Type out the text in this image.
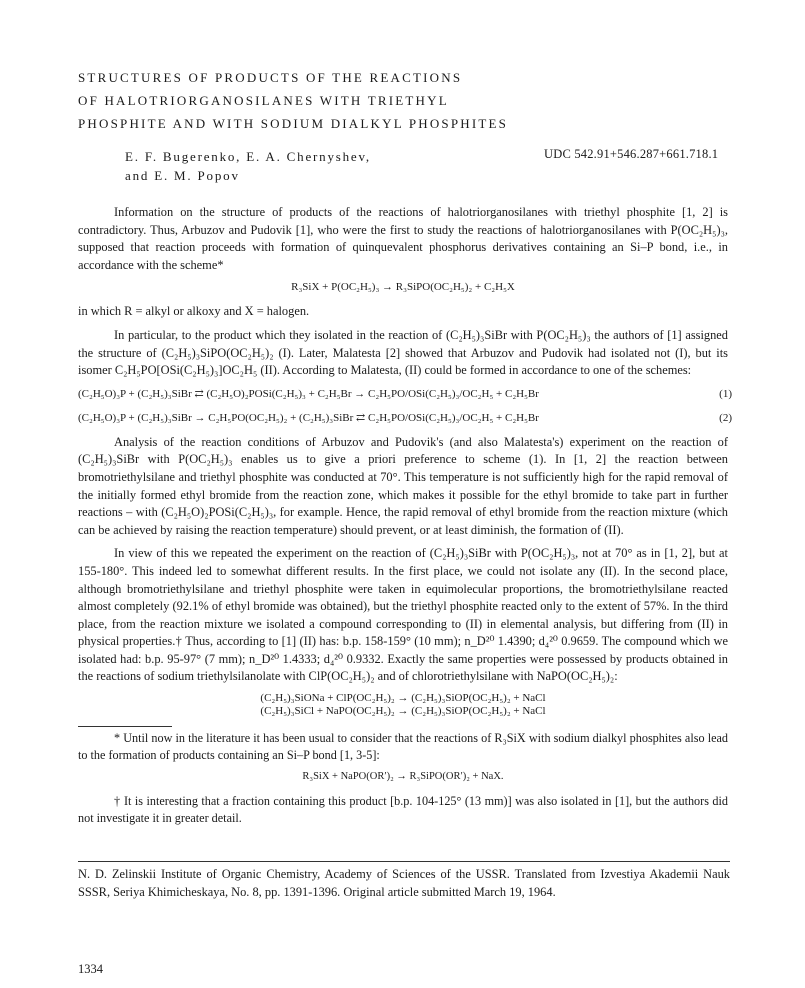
STRUCTURES OF PRODUCTS OF THE REACTIONS
OF HALOTRIORGANOSILANES WITH TRIETHYL
PHOSPHITE AND WITH SODIUM DIALKYL PHOSPHITES
E. F. Bugerenko, E. A. Chernyshev,
and E. M. Popov
UDC 542.91+546.287+661.718.1

Information on the structure of products of the reactions of halotriorganosilanes with triethyl phosphite [1, 2] is contradictory. Thus, Arbuzov and Pudovik [1], who were the first to study the reactions of halotriorganosilanes with P(OC₂H₅)₃, supposed that reaction proceeds with formation of quinquevalent phosphorus derivatives containing an Si–P bond, i.e., in accordance with the scheme*

R₃SiX + P(OC₂H₅)₃ → R₃SiPO(OC₂H₅)₂ + C₂H₅X

in which R = alkyl or alkoxy and X = halogen.

In particular, to the product which they isolated in the reaction of (C₂H₅)₃SiBr with P(OC₂H₅)₃ the authors of [1] assigned the structure of (C₂H₅)₃SiPO(OC₂H₅)₂ (I). Later, Malatesta [2] showed that Arbuzov and Pudovik had isolated not (I), but its isomer C₂H₅PO[OSi(C₂H₅)₃]OC₂H₅ (II). According to Malatesta, (II) could be formed in accordance to one of the schemes:

(C₂H₅O)₃P + (C₂H₅)₃SiBr ⇄ (C₂H₅O)₂POSi(C₂H₅)₃ + C₂H₅Br → C₂H₅PO/OSi(C₂H₅)₃/OC₂H₅ + C₂H₅Br	(1)
(C₂H₅O)₃P + (C₂H₅)₃SiBr → C₂H₅PO(OC₂H₅)₂ + (C₂H₅)₃SiBr ⇄ C₂H₅PO/OSi(C₂H₅)₃/OC₂H₅ + C₂H₅Br	(2)

Analysis of the reaction conditions of Arbuzov and Pudovik's (and also Malatesta's) experiment on the reaction of (C₂H₅)₃SiBr with P(OC₂H₅)₃ enables us to give a priori preference to scheme (1). In [1, 2] the reaction between bromotriethylsilane and triethyl phosphite was conducted at 70°. This temperature is not sufficiently high for the rapid removal of the initially formed ethyl bromide from the reaction zone, which makes it possible for the ethyl bromide to take part in further reactions – with (C₂H₅O)₂POSi(C₂H₅)₃, for example. Hence, the rapid removal of ethyl bromide from the reaction mixture (which can be achieved by raising the reaction temperature) should prevent, or at least diminish, the formation of (II).

In view of this we repeated the experiment on the reaction of (C₂H₅)₃SiBr with P(OC₂H₅)₃, not at 70° as in [1, 2], but at 155-180°. This indeed led to somewhat different results. In the first place, we could not isolate any (II). In the second place, although bromotriethylsilane and triethyl phosphite were taken in equimolecular proportions, the bromotriethylsilane reacted almost completely (92.1% of ethyl bromide was obtained), but the triethyl phosphite reacted only to the extent of 57%. In the third place, from the reaction mixture we isolated a compound corresponding to (II) in elemental analysis, but differing from (II) in physical properties.† Thus, according to [1] (II) has: b.p. 158-159° (10 mm); n_D²⁰ 1.4390; d₄²⁰ 0.9659. The compound which we isolated had: b.p. 95-97° (7 mm); n_D²⁰ 1.4333; d₄²⁰ 0.9332. Exactly the same properties were possessed by products obtained in the reactions of sodium triethylsilanolate with ClP(OC₂H₅)₂ and of chlorotriethylsilane with NaPO(OC₂H₅)₂:

(C₂H₅)₃SiONa + ClP(OC₂H₅)₂ → (C₂H₅)₃SiOP(OC₂H₅)₂ + NaCl
(C₂H₅)₃SiCl + NaPO(OC₂H₅)₂ → (C₂H₅)₃SiOP(OC₂H₅)₂ + NaCl

* Until now in the literature it has been usual to consider that the reactions of R₃SiX with sodium dialkyl phosphites also lead to the formation of products containing an Si–P bond [1, 3-5]:

R₃SiX + NaPO(OR′)₂ → R₃SiPO(OR′)₂ + NaX.

† It is interesting that a fraction containing this product [b.p. 104-125° (13 mm)] was also isolated in [1], but the authors did not investigate it in greater detail.

N. D. Zelinskii Institute of Organic Chemistry, Academy of Sciences of the USSR. Translated from Izvestiya Akademii Nauk SSSR, Seriya Khimicheskaya, No. 8, pp. 1391-1396. Original article submitted March 19, 1964.

1334
